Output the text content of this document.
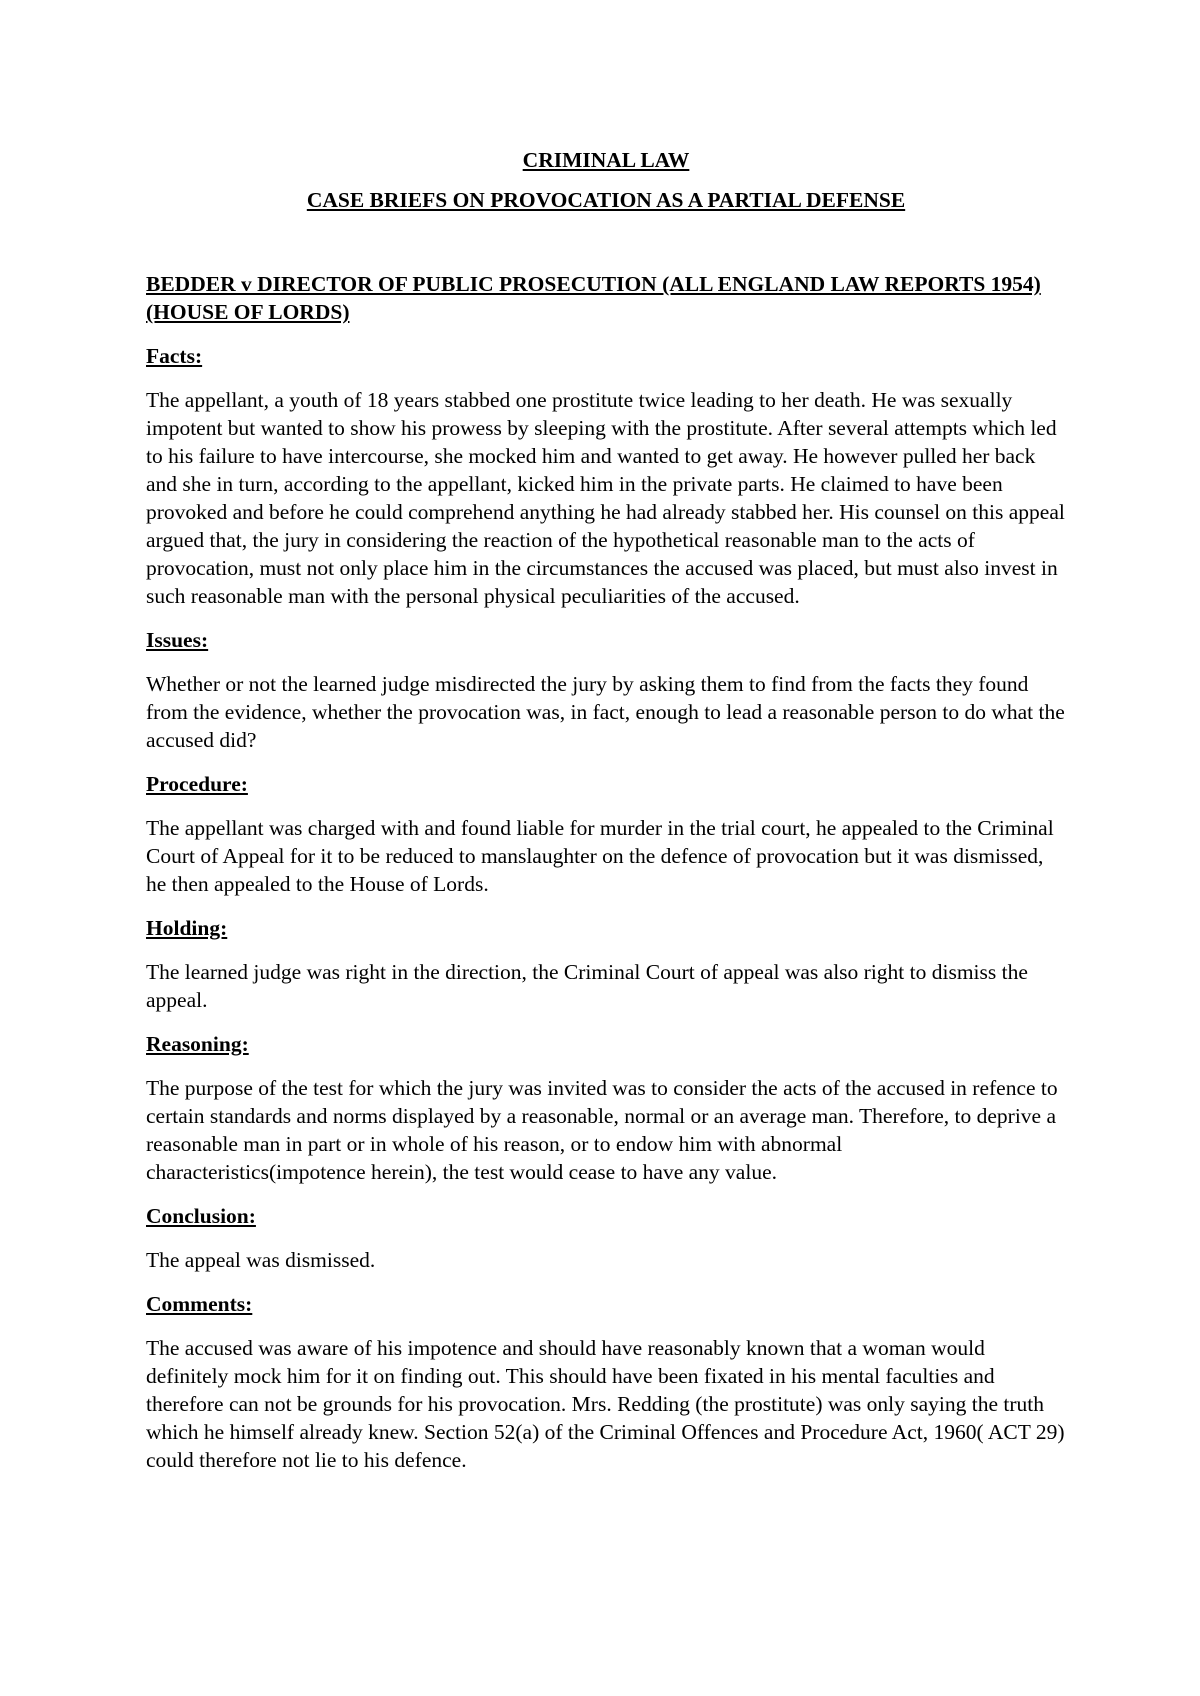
CRIMINAL LAW

CASE BRIEFS ON PROVOCATION AS A PARTIAL DEFENSE

BEDDER v DIRECTOR OF PUBLIC PROSECUTION (ALL ENGLAND LAW REPORTS 1954) (HOUSE OF LORDS)

Facts:

The appellant, a youth of 18 years stabbed one prostitute twice leading to her death. He was sexually impotent but wanted to show his prowess by sleeping with the prostitute. After several attempts which led to his failure to have intercourse, she mocked him and wanted to get away. He however pulled her back and she in turn, according to the appellant, kicked him in the private parts. He claimed to have been provoked and before he could comprehend anything he had already stabbed her. His counsel on this appeal argued that, the jury in considering the reaction of the hypothetical reasonable man to the acts of provocation, must not only place him in the circumstances the accused was placed, but must also invest in such reasonable man with the personal physical peculiarities of the accused.

Issues:

Whether or not the learned judge misdirected the jury by asking them to find from the facts they found from the evidence, whether the provocation was, in fact, enough to lead a reasonable person to do what the accused did?

Procedure:

The appellant was charged with and found liable for murder in the trial court, he appealed to the Criminal Court of Appeal for it to be reduced to manslaughter on the defence of provocation but it was dismissed, he then appealed to the House of Lords.

Holding:

The learned judge was right in the direction, the Criminal Court of appeal was also right to dismiss the appeal.

Reasoning:

The purpose of the test for which the jury was invited was to consider the acts of the accused in refence to certain standards and norms displayed by a reasonable, normal or an average man. Therefore, to deprive a reasonable man in part or in whole of his reason, or to endow him with abnormal characteristics(impotence herein), the test would cease to have any value.

Conclusion:

The appeal was dismissed.

Comments:

The accused was aware of his impotence and should have reasonably known that a woman would definitely mock him for it on finding out. This should have been fixated in his mental faculties and therefore can not be grounds for his provocation. Mrs. Redding (the prostitute) was only saying the truth which he himself already knew. Section 52(a) of the Criminal Offences and Procedure Act, 1960( ACT 29) could therefore not lie to his defence.
